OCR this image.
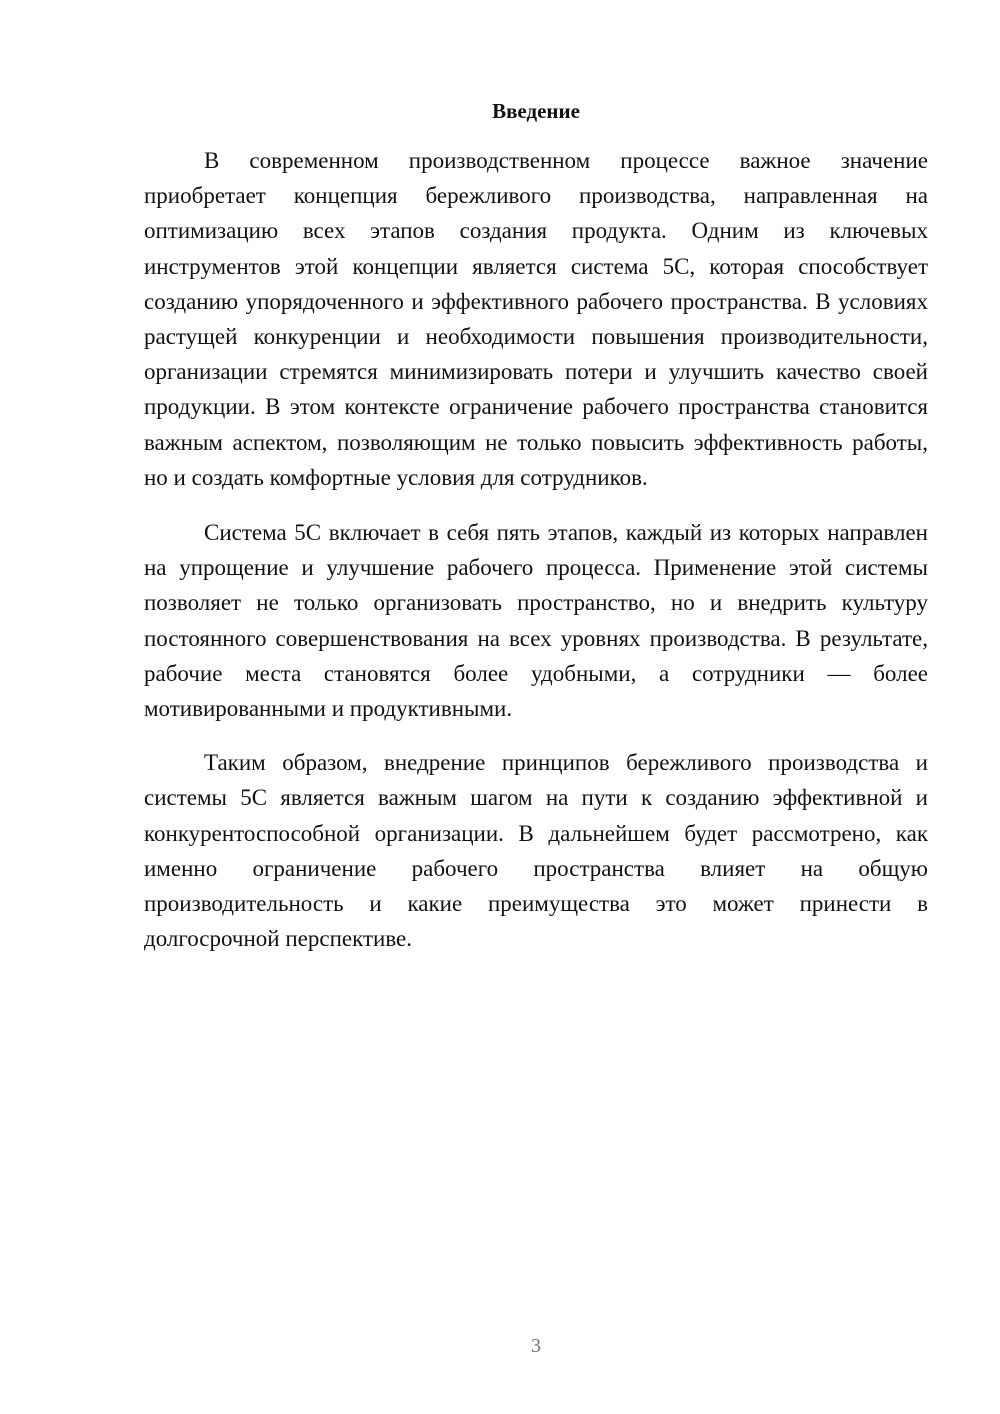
Введение

В современном производственном процессе важное значение приобретает концепция бережливого производства, направленная на оптимизацию всех этапов создания продукта. Одним из ключевых инструментов этой концепции является система 5С, которая способствует созданию упорядоченного и эффективного рабочего пространства. В условиях растущей конкуренции и необходимости повышения производительности, организации стремятся минимизировать потери и улучшить качество своей продукции. В этом контексте ограничение рабочего пространства становится важным аспектом, позволяющим не только повысить эффективность работы, но и создать комфортные условия для сотрудников.

Система 5С включает в себя пять этапов, каждый из которых направлен на упрощение и улучшение рабочего процесса. Применение этой системы позволяет не только организовать пространство, но и внедрить культуру постоянного совершенствования на всех уровнях производства. В результате, рабочие места становятся более удобными, а сотрудники — более мотивированными и продуктивными.

Таким образом, внедрение принципов бережливого производства и системы 5С является важным шагом на пути к созданию эффективной и конкурентоспособной организации. В дальнейшем будет рассмотрено, как именно ограничение рабочего пространства влияет на общую производительность и какие преимущества это может принести в долгосрочной перспективе.

3
